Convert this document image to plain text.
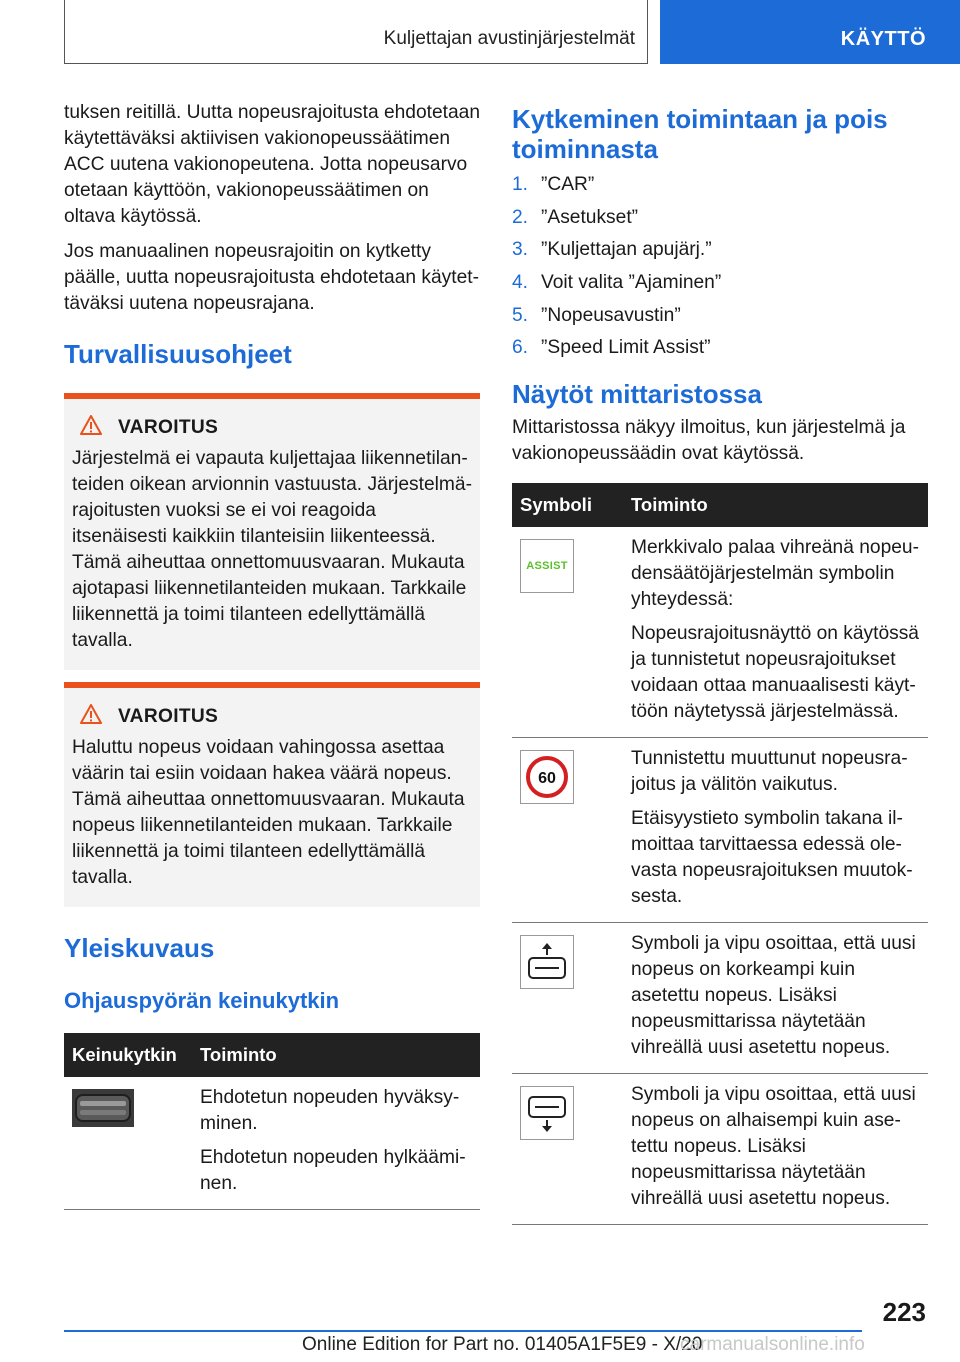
Kuljettajan avustinjärjestelmät	KÄYTTÖ

tuksen reitillä. Uutta nopeusrajoitusta ehdotetaan käytettäväksi aktiivisen vakionopeussäätimen ACC uutena vakionopeutena. Jotta nopeusarvo otetaan käyttöön, vakionopeussäätimen on oltava käytössä.

Jos manuaalinen nopeusrajoitin on kytketty päälle, uutta nopeusrajoitusta ehdotetaan käytettäväksi uutena nopeusrajana.

Turvallisuusohjeet
VAROITUS

Järjestelmä ei vapauta kuljettajaa liikennetilanteiden oikean arvionnin vastuusta. Järjestelmärajoitusten vuoksi se ei voi reagoida itsenäisesti kaikkiin tilanteisiin liikenteessä. Tämä aiheuttaa onnettomuusvaaran. Mukauta ajotapasi liikennetilanteiden mukaan. Tarkkaile liikennettä ja toimi tilanteen edellyttämällä tavalla.

VAROITUS

Haluttu nopeus voidaan vahingossa asettaa väärin tai esiin voidaan hakea väärä nopeus. Tämä aiheuttaa onnettomuusvaaran. Mukauta nopeus liikennetilanteiden mukaan. Tarkkaile liikennettä ja toimi tilanteen edellyttämällä tavalla.

Yleiskuvaus
Ohjauspyörän keinukytkin
Keinukytkin	Toiminto

Ehdotetun nopeuden hyväksyminen.

Ehdotetun nopeuden hylkääminen.

Kytkeminen toimintaan ja pois toiminnasta
1. ”CAR”
2. ”Asetukset”
3. ”Kuljettajan apujärj.”
4. Voit valita ”Ajaminen”
5. ”Nopeusavustin”
6. ”Speed Limit Assist”
Näytöt mittaristossa

Mittaristossa näkyy ilmoitus, kun järjestelmä ja vakionopeussäädin ovat käytössä.

Symboli	Toiminto

ASSIST	Merkkivalo palaa vihreänä nopeudensäätöjärjestelmän symbolin yhteydessä:

Nopeusrajoitusnäyttö on käytössä ja tunnistetut nopeusrajoitukset voidaan ottaa manuaalisesti käyttöön näytetyssä järjestelmässä.

60	Tunnistettu muuttunut nopeusrajoitus ja välitön vaikutus.

Etäisyystieto symbolin takana ilmoittaa tarvittaessa edessä olevasta nopeusrajoituksen muutoksesta.

Symboli ja vipu osoittaa, että uusi nopeus on korkeampi kuin asetettu nopeus. Lisäksi nopeusmittarissa näytetään vihreällä uusi asetettu nopeus.

Symboli ja vipu osoittaa, että uusi nopeus on alhaisempi kuin asetettu nopeus. Lisäksi nopeusmittarissa näytetään vihreällä uusi asetettu nopeus.

223
Online Edition for Part no. 01405A1F5E9 - X/20
carmanualsonline.info
